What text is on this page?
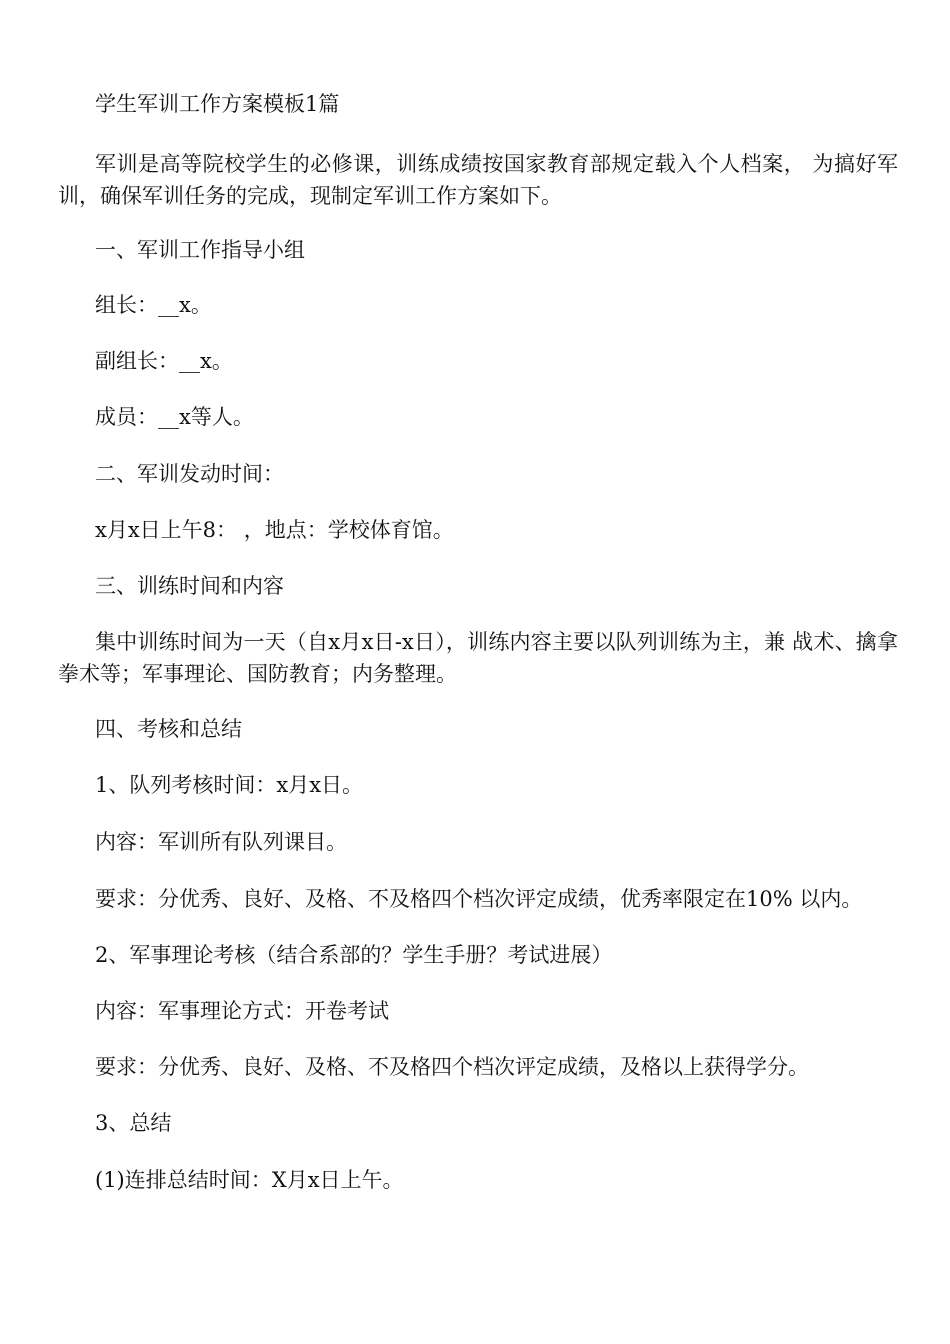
学生军训工作方案模板1篇
军训是高等院校学生的必修课，训练成绩按国家教育部规定载入个人档案， 为搞好军训，确保军训任务的完成，现制定军训工作方案如下。
一、军训工作指导小组
组长：__x。
副组长：__x。
成员：__x等人。
二、军训发动时间：
x月x日上午8： ，地点：学校体育馆。
三、训练时间和内容
集中训练时间为一天（自x月x日-x日），训练内容主要以队列训练为主，兼 战术、擒拿拳术等；军事理论、国防教育；内务整理。
四、考核和总结
1、队列考核时间：x月x日。
内容：军训所有队列课目。
要求：分优秀、良好、及格、不及格四个档次评定成绩，优秀率限定在10% 以内。
2、军事理论考核（结合系部的？学生手册？考试进展）
内容：军事理论方式：开卷考试
要求：分优秀、良好、及格、不及格四个档次评定成绩，及格以上获得学分。
3、总结
(1)连排总结时间：X月x日上午。
